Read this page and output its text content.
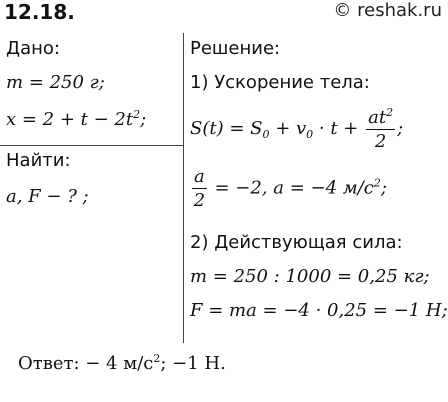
12.18.	© reshak.ru
Дано:
m = 250 г;
$x = 2 + t - 2t^2$;
Найти:
a, F − ? ;
Решение:
1) Ускорение тела:
$S(t) = S_0 + v_0 \cdot t + \frac{at^2}{2}$ ;
$\frac{a}{2} = -2$, a = −4 $м/с^2$;
2) Действующая сила:
m = 250 : 1000 = 0,25 кг;
F = ma = −4 · 0,25 = −1 Н;
Ответ: − 4 $м/с^2$; −1 Н.
